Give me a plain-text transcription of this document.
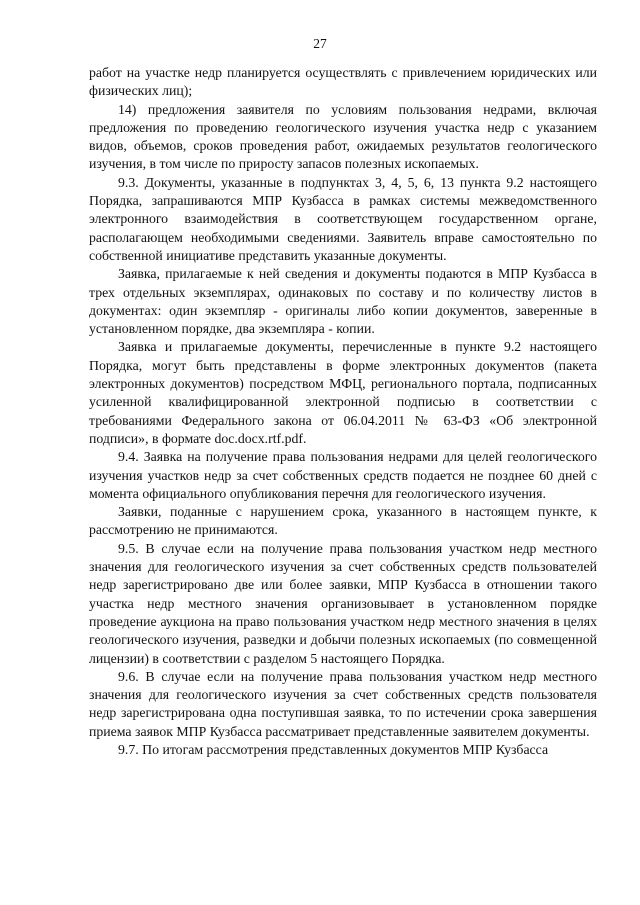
27

работ на участке недр планируется осуществлять с привлечением юридических или физических лиц);

14) предложения заявителя по условиям пользования недрами, включая предложения по проведению геологического изучения участка недр с указанием видов, объемов, сроков проведения работ, ожидаемых результатов геологического изучения, в том числе по приросту запасов полезных ископаемых.

9.3. Документы, указанные в подпунктах 3, 4, 5, 6, 13 пункта 9.2 настоящего Порядка, запрашиваются МПР Кузбасса в рамках системы межведомственного электронного взаимодействия в соответствующем государственном органе, располагающем необходимыми сведениями. Заявитель вправе самостоятельно по собственной инициативе представить указанные документы.

Заявка, прилагаемые к ней сведения и документы подаются в МПР Кузбасса в трех отдельных экземплярах, одинаковых по составу и по количеству листов в документах: один экземпляр - оригиналы либо копии документов, заверенные в установленном порядке, два экземпляра - копии.

Заявка и прилагаемые документы, перечисленные в пункте 9.2 настоящего Порядка, могут быть представлены в форме электронных документов (пакета электронных документов) посредством МФЦ, регионального портала, подписанных усиленной квалифицированной электронной подписью в соответствии с требованиями Федерального закона от 06.04.2011 № 63-ФЗ «Об электронной подписи», в формате doc.docx.rtf.pdf.

9.4. Заявка на получение права пользования недрами для целей геологического изучения участков недр за счет собственных средств подается не позднее 60 дней с момента официального опубликования перечня для геологического изучения.

Заявки, поданные с нарушением срока, указанного в настоящем пункте, к рассмотрению не принимаются.

9.5. В случае если на получение права пользования участком недр местного значения для геологического изучения за счет собственных средств пользователей недр зарегистрировано две или более заявки, МПР Кузбасса в отношении такого участка недр местного значения организовывает в установленном порядке проведение аукциона на право пользования участком недр местного значения в целях геологического изучения, разведки и добычи полезных ископаемых (по совмещенной лицензии) в соответствии с разделом 5 настоящего Порядка.

9.6. В случае если на получение права пользования участком недр местного значения для геологического изучения за счет собственных средств пользователя недр зарегистрирована одна поступившая заявка, то по истечении срока завершения приема заявок МПР Кузбасса рассматривает представленные заявителем документы.

9.7. По итогам рассмотрения представленных документов МПР Кузбасса
